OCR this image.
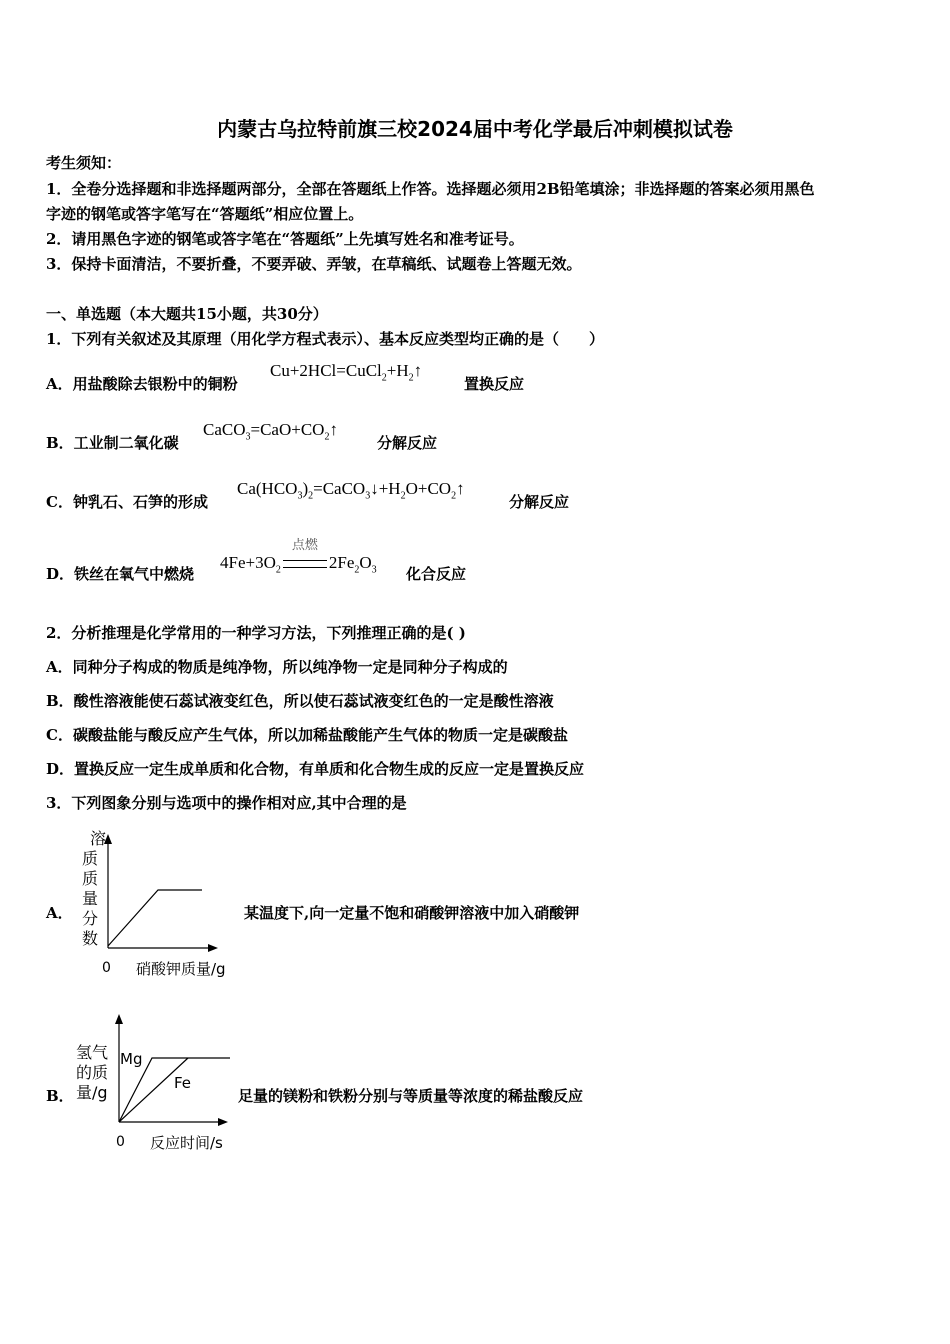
内蒙古乌拉特前旗三校2024届中考化学最后冲刺模拟试卷
考生须知：
1．全卷分选择题和非选择题两部分，全部在答题纸上作答。选择题必须用2B铅笔填涂；非选择题的答案必须用黑色
字迹的钢笔或答字笔写在“答题纸”相应位置上。
2．请用黑色字迹的钢笔或答字笔在“答题纸”上先填写姓名和准考证号。
3．保持卡面清洁，不要折叠，不要弄破、弄皱，在草稿纸、试题卷上答题无效。
一、单选题（本大题共15小题，共30分）
1．下列有关叙述及其原理（用化学方程式表示）、基本反应类型均正确的是（　　）
A．用盐酸除去银粉中的铜粉
$Cu+2HCl=CuCl_2+H_2↑$
置换反应
B．工业制二氧化碳
$CaCO_3=CaO+CO_2↑$
分解反应
C．钟乳石、石笋的形成
$Ca(HCO_3)_2=CaCO_3↓+H_2O+CO_2↑$
分解反应
D．铁丝在氧气中燃烧
$4Fe+3O_2$
点燃
$2Fe_2O_3$ 化合反应
2．分析推理是化学常用的一种学习方法，下列推理正确的是( )
A．同种分子构成的物质是纯净物，所以纯净物一定是同种分子构成的
B．酸性溶液能使石蕊试液变红色，所以使石蕊试液变红色的一定是酸性溶液
C．碳酸盐能与酸反应产生气体，所以加稀盐酸能产生气体的物质一定是碳酸盐
D．置换反应一定生成单质和化合物，有单质和化合物生成的反应一定是置换反应
3．下列图象分别与选项中的操作相对应,其中合理的是
A．
溶
质
质
量
分
数
0 硝酸钾质量/g
某温度下,向一定量不饱和硝酸钾溶液中加入硝酸钾
B．
氢气
的质
量/g
Mg
Fe
0 反应时间/s
足量的镁粉和铁粉分别与等质量等浓度的稀盐酸反应
